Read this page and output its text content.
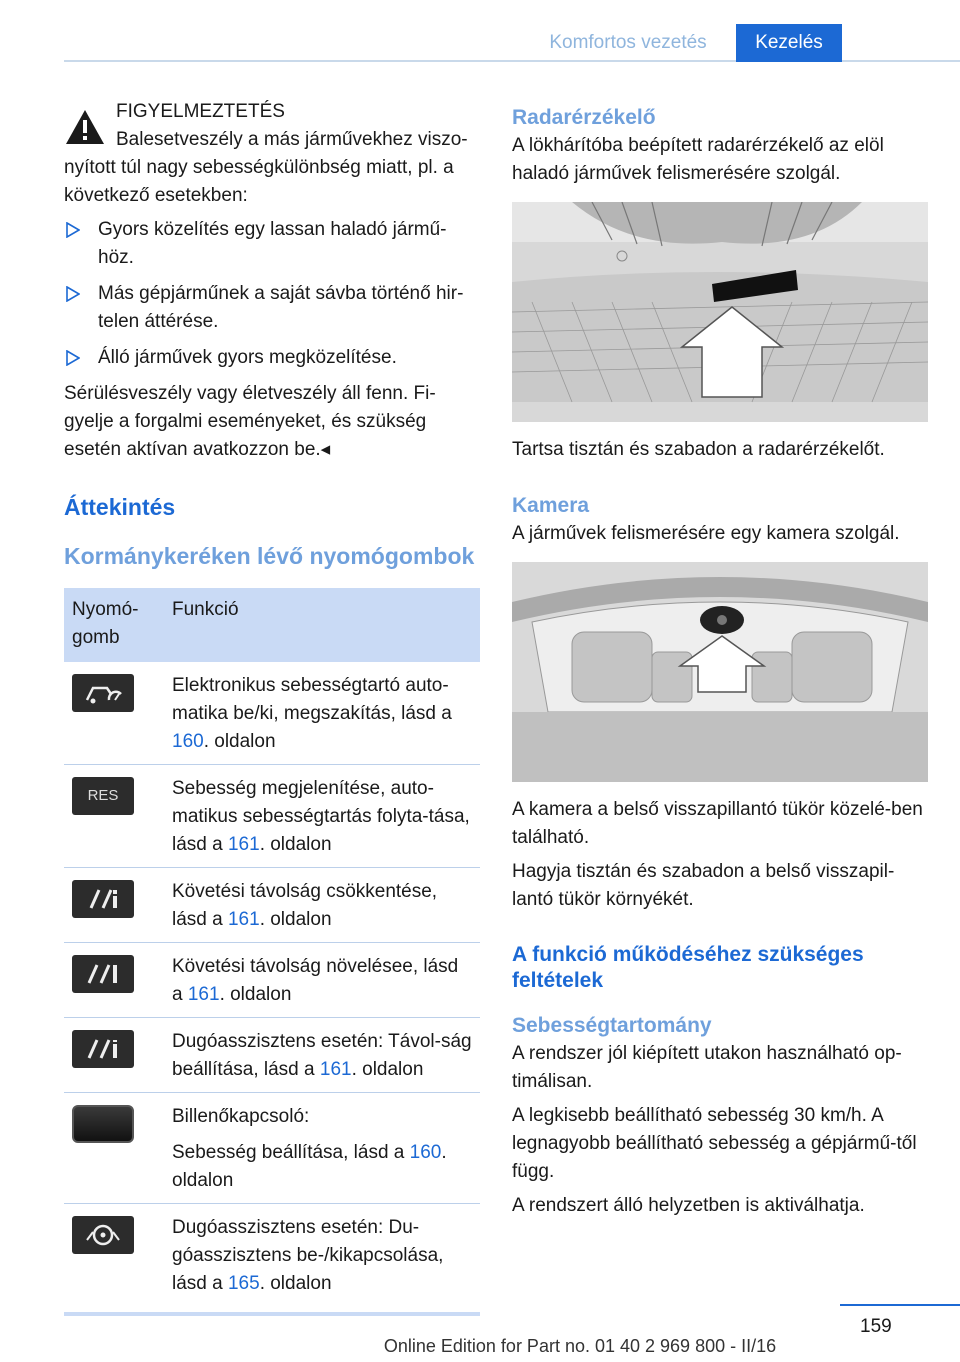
Komfortos vezetés	Kezelés
FIGYELMEZTETÉS
Balesetveszély a más járművekhez viszo‐
nyított túl nagy sebességkülönbség miatt, pl. a következő esetekben:
Gyors közelítés egy lassan haladó jármű‐höz.
Más gépjárműnek a saját sávba történő hir‐telen áttérése.
Álló járművek gyors megközelítése.
Sérülésveszély vagy életveszély áll fenn. Fi‐gyelje a forgalmi eseményeket, és szükség esetén aktívan avatkozzon be.◂
Áttekintés
Kormánykeréken lévő nyomógombok
Nyomó‐gomb	Funkció

	Elektronikus sebességtartó auto‐matika be/ki, megszakítás, lásd a 160. oldalon

RES	Sebesség megjelenítése, auto‐matikus sebességtartás folyta‐tása, lásd a 161. oldalon

	Követési távolság csökkentése, lásd a 161. oldalon

	Követési távolság növelésee, lásd a 161. oldalon

	Dugóasszisztens esetén: Távol‐ság beállítása, lásd a 161. oldalon

	Billenőkapcsoló:
Sebesség beállítása, lásd a 160. oldalon

	Dugóasszisztens esetén: Du‐góasszisztens be-/kikapcsolása, lásd a 165. oldalon
Radarérzékelő
A lökhárítóba beépített radarérzékelő az elöl haladó járművek felismerésére szolgál.
Tartsa tisztán és szabadon a radarérzékelőt.
Kamera
A járművek felismerésére egy kamera szolgál.
A kamera a belső visszapillantó tükör közelé‐ben található.
Hagyja tisztán és szabadon a belső visszapil‐lantó tükör környékét.
A funkció működéséhez szükséges feltételek
Sebességtartomány
A rendszer jól kiépített utakon használható op‐timálisan.
A legkisebb beállítható sebesség 30 km/h. A legnagyobb beállítható sebesség a gépjármű‐től függ.
A rendszert álló helyzetben is aktiválhatja.
159
Online Edition for Part no. 01 40 2 969 800 - II/16
